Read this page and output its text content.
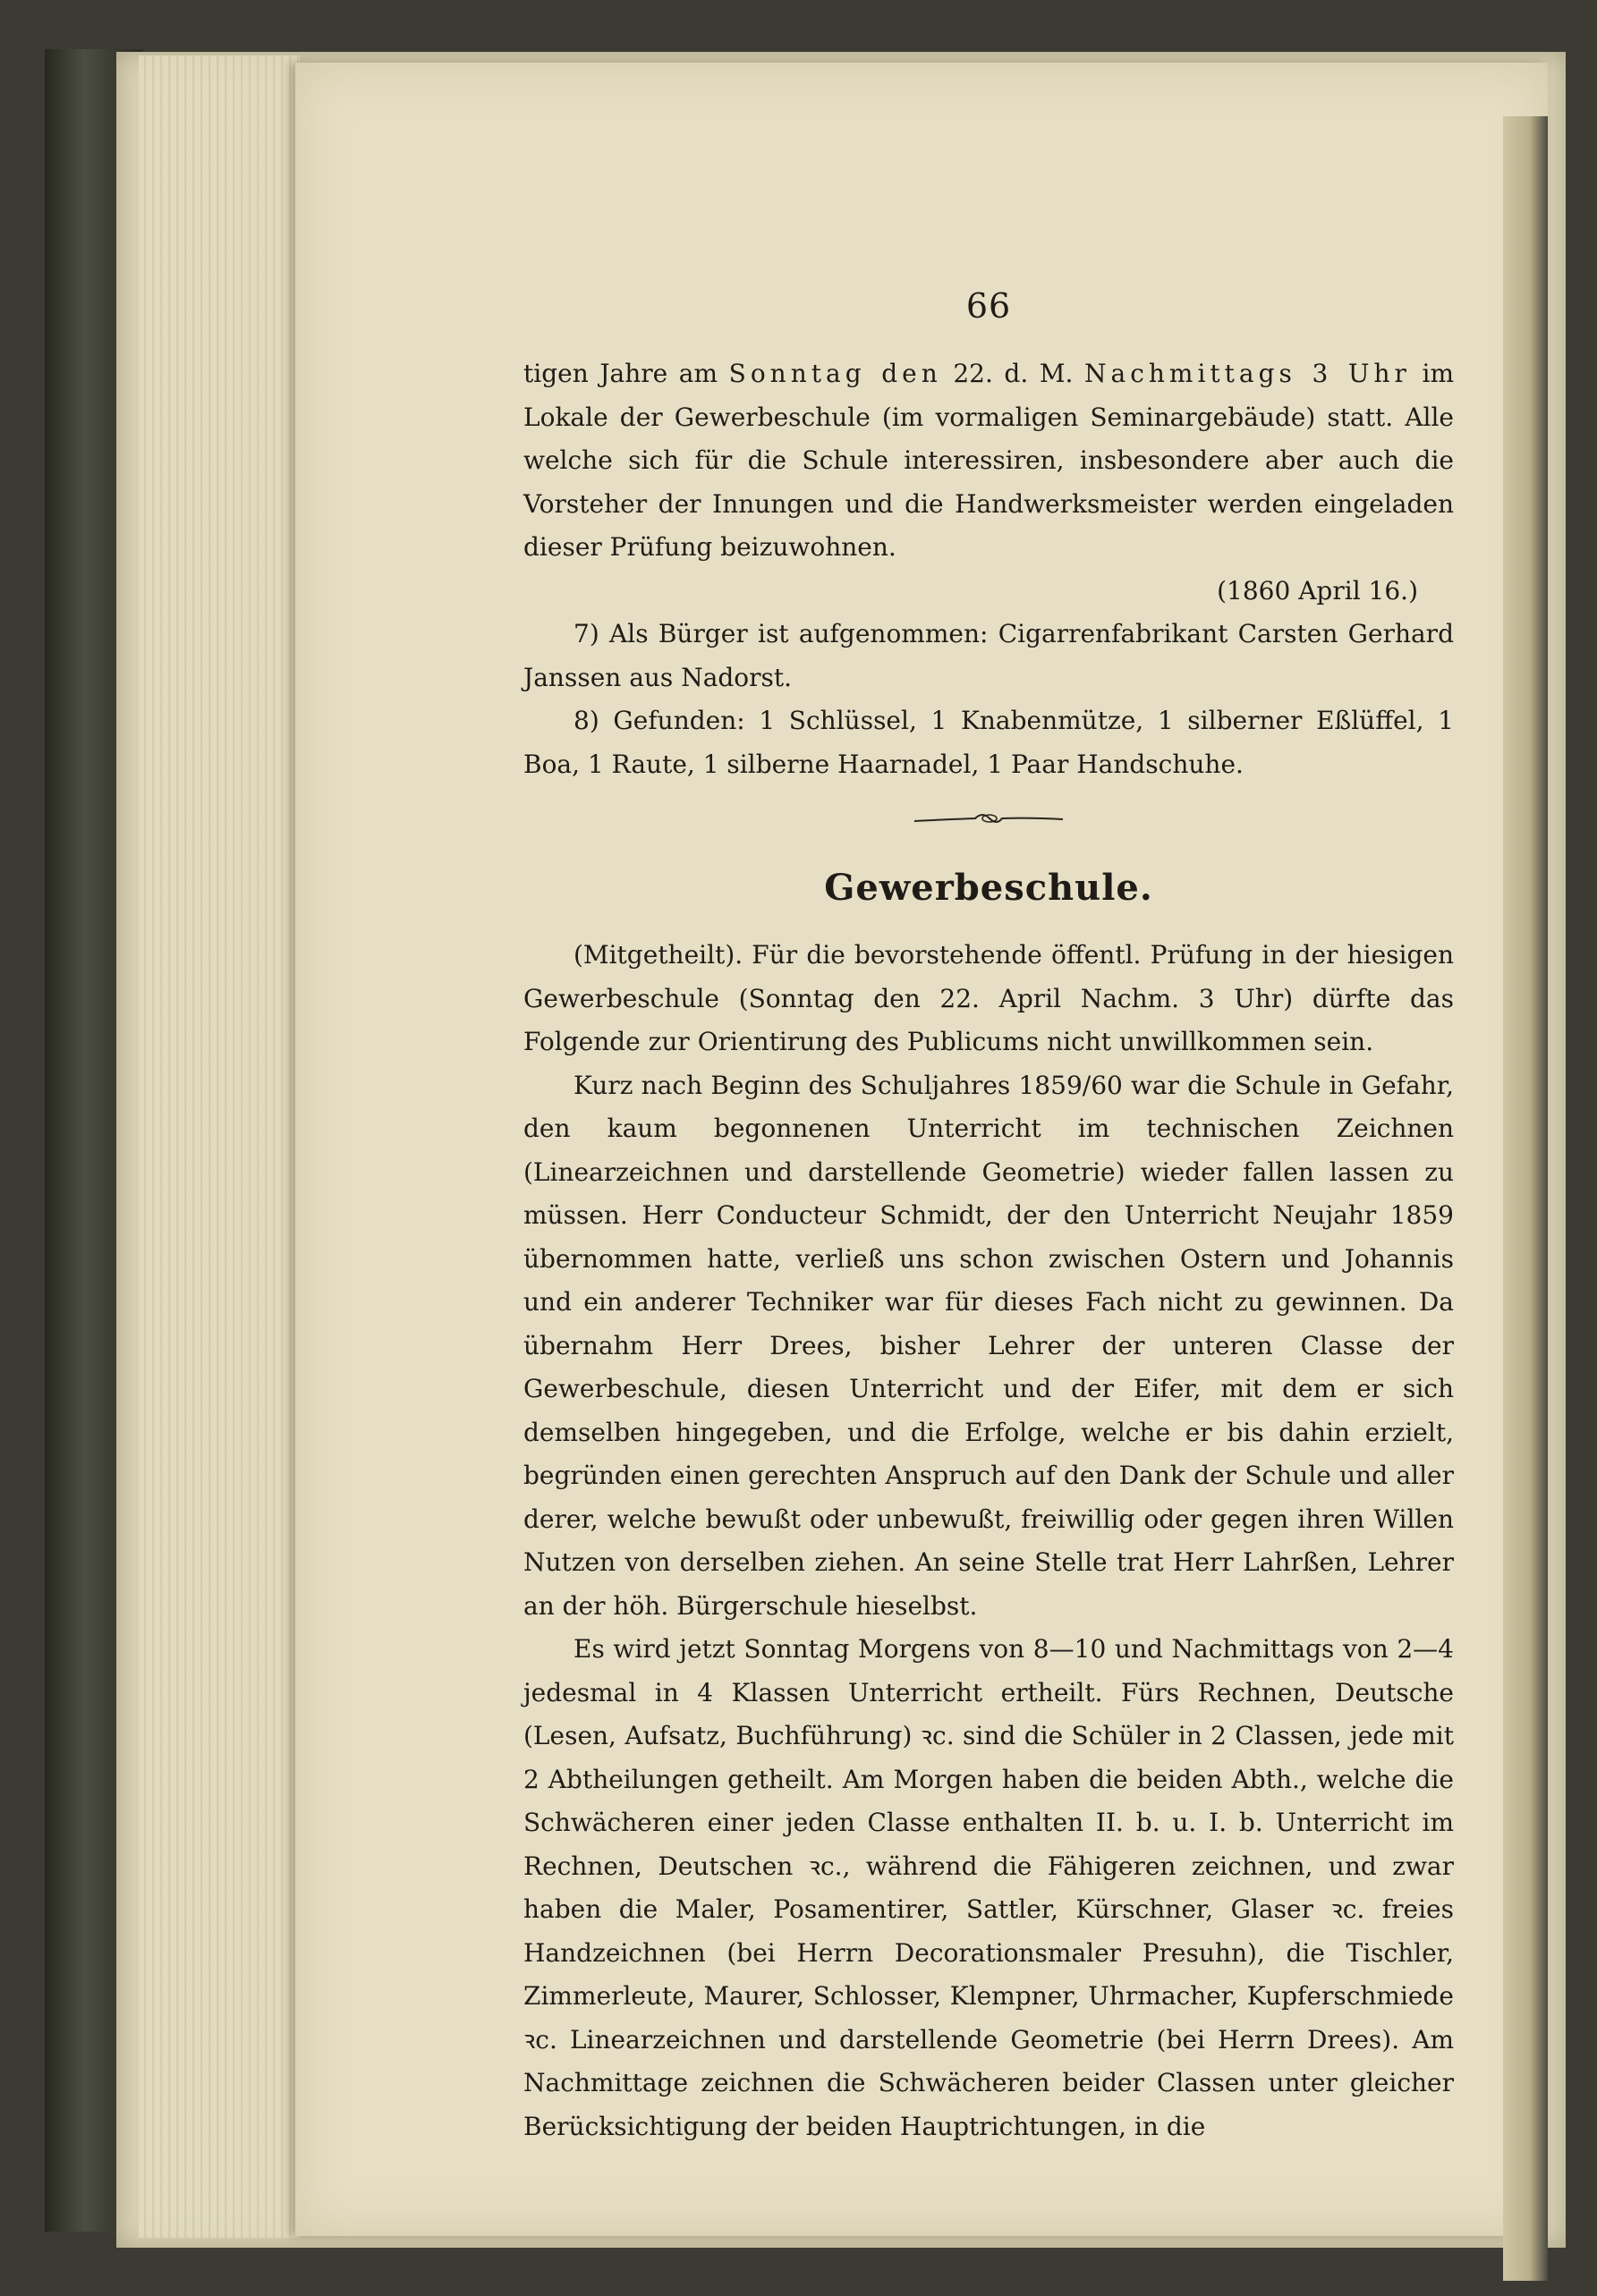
66

tigen Jahre am Sonntag den 22. d. M. Nachmittags 3 Uhr im Lokale der Gewerbeschule (im vormaligen Seminargebäude) statt. Alle welche sich für die Schule interessiren, insbesondere aber auch die Vorsteher der Innungen und die Handwerksmeister werden eingeladen dieser Prüfung beizuwohnen.

(1860 April 16.)

7) Als Bürger ist aufgenommen: Cigarrenfabrikant Carsten Gerhard Janssen aus Nadorst.

8) Gefunden: 1 Schlüssel, 1 Knabenmütze, 1 silberner Eßlüffel, 1 Boa, 1 Raute, 1 silberne Haarnadel, 1 Paar Handschuhe.

Gewerbeschule.

(Mitgetheilt). Für die bevorstehende öffentl. Prüfung in der hiesigen Gewerbeschule (Sonntag den 22. April Nachm. 3 Uhr) dürfte das Folgende zur Orientirung des Publicums nicht unwillkommen sein.

Kurz nach Beginn des Schuljahres 1859/60 war die Schule in Gefahr, den kaum begonnenen Unterricht im technischen Zeichnen (Linearzeichnen und darstellende Geometrie) wieder fallen lassen zu müssen. Herr Conducteur Schmidt, der den Unterricht Neujahr 1859 übernommen hatte, verließ uns schon zwischen Ostern und Johannis und ein anderer Techniker war für dieses Fach nicht zu gewinnen. Da übernahm Herr Drees, bisher Lehrer der unteren Classe der Gewerbeschule, diesen Unterricht und der Eifer, mit dem er sich demselben hingegeben, und die Erfolge, welche er bis dahin erzielt, begründen einen gerechten Anspruch auf den Dank der Schule und aller derer, welche bewußt oder unbewußt, freiwillig oder gegen ihren Willen Nutzen von derselben ziehen. An seine Stelle trat Herr Lahrßen, Lehrer an der höh. Bürgerschule hieselbst.

Es wird jetzt Sonntag Morgens von 8—10 und Nachmittags von 2—4 jedesmal in 4 Klassen Unterricht ertheilt. Fürs Rechnen, Deutsche (Lesen, Aufsatz, Buchführung) ꝛc. sind die Schüler in 2 Classen, jede mit 2 Abtheilungen getheilt. Am Morgen haben die beiden Abth., welche die Schwächeren einer jeden Classe enthalten II. b. u. I. b. Unterricht im Rechnen, Deutschen ꝛc., während die Fähigeren zeichnen, und zwar haben die Maler, Posamentirer, Sattler, Kürschner, Glaser ꝛc. freies Handzeichnen (bei Herrn Decorationsmaler Presuhn), die Tischler, Zimmerleute, Maurer, Schlosser, Klempner, Uhrmacher, Kupferschmiede ꝛc. Linearzeichnen und darstellende Geometrie (bei Herrn Drees). Am Nachmittage zeichnen die Schwächeren beider Classen unter gleicher Berücksichtigung der beiden Hauptrichtungen, in die
